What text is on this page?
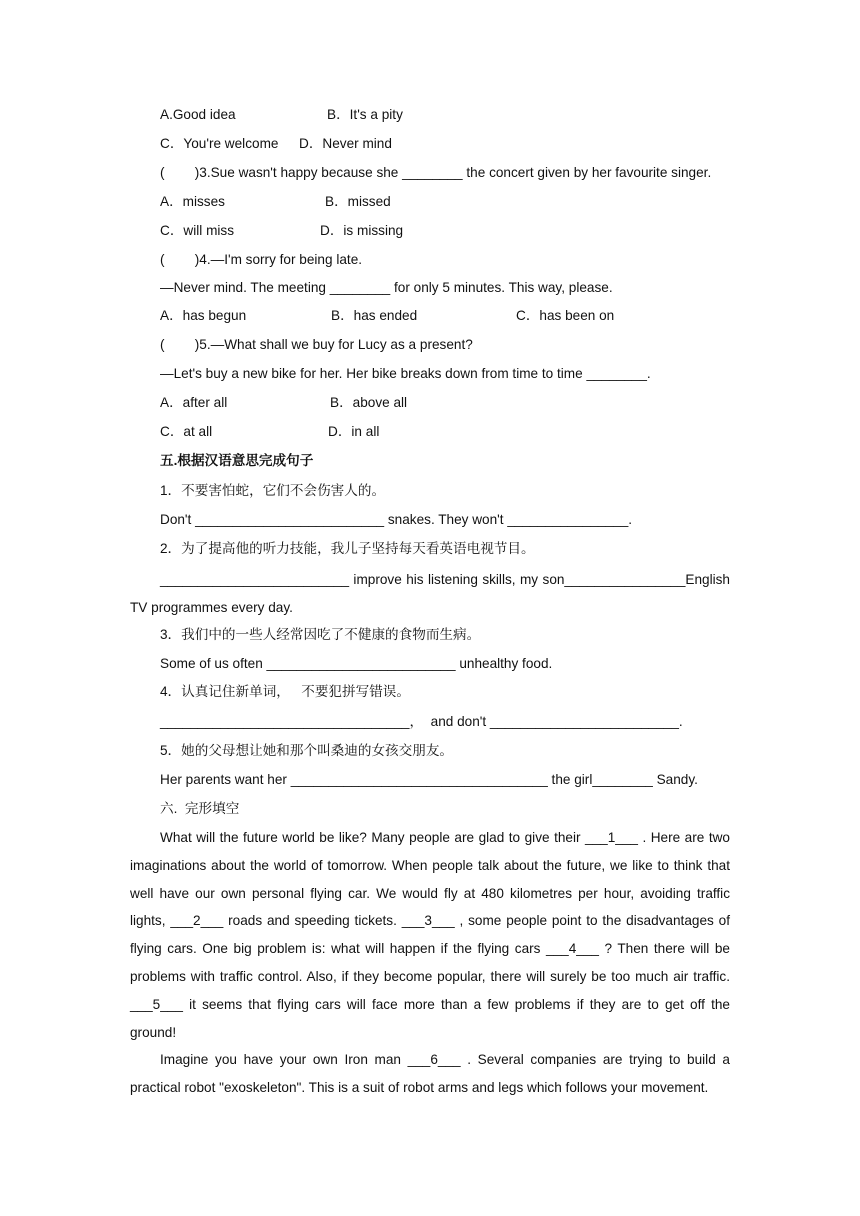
A.Good idea	B．It's a pity
C．You're welcome D．Never mind
(        )3.Sue wasn't happy because she ________ the concert given by her favourite singer.
A．misses	B．missed
C．will miss	D．is missing
(        )4.—I'm sorry for being late.
—Never mind. The meeting ________ for only 5 minutes. This way, please.
A．has begun	B．has ended	C．has been on
(        )5.—What shall we buy for Lucy as a present?
—Let's buy a new bike for her. Her bike breaks down from time to time ________.
A．after all	B．above all
C．at all	D．in all
五.根据汉语意思完成句子
1．不要害怕蛇，它们不会伤害人的。
Don't _________________________ snakes. They won't ________________.
2．为了提高他的听力技能，我儿子坚持每天看英语电视节目。
3．我们中的一些人经常因吃了不健康的食物而生病。
Some of us often _________________________ unhealthy food.
4．认真记住新单词，   不要犯拼写错误。
_________________________________，  and don't _________________________.
5．她的父母想让她和那个叫桑迪的女孩交朋友。
Her parents want her __________________________________ the girl________ Sandy.
六.  完形填空
_________________________ improve his listening skills, my son________________English
TV programmes every day.
What will the future world be like? Many people are glad to give their ___1___ . Here are two imaginations about the world of tomorrow. When people talk about the future, we like to think that well have our own personal flying car. We would fly at 480 kilometres per hour, avoiding traffic lights, ___2___ roads and speeding tickets. ___3___ , some people point to the disadvantages of flying cars. One big problem is: what will happen if the flying cars ___4___ ? Then there will be problems with traffic control. Also, if they become popular, there will surely be too much air traffic. ___5___ it seems that flying cars will face more than a few problems if they are to get off the ground!
Imagine you have your own Iron man ___6___ . Several companies are trying to build a practical robot "exoskeleton". This is a suit of robot arms and legs which follows your movement.
